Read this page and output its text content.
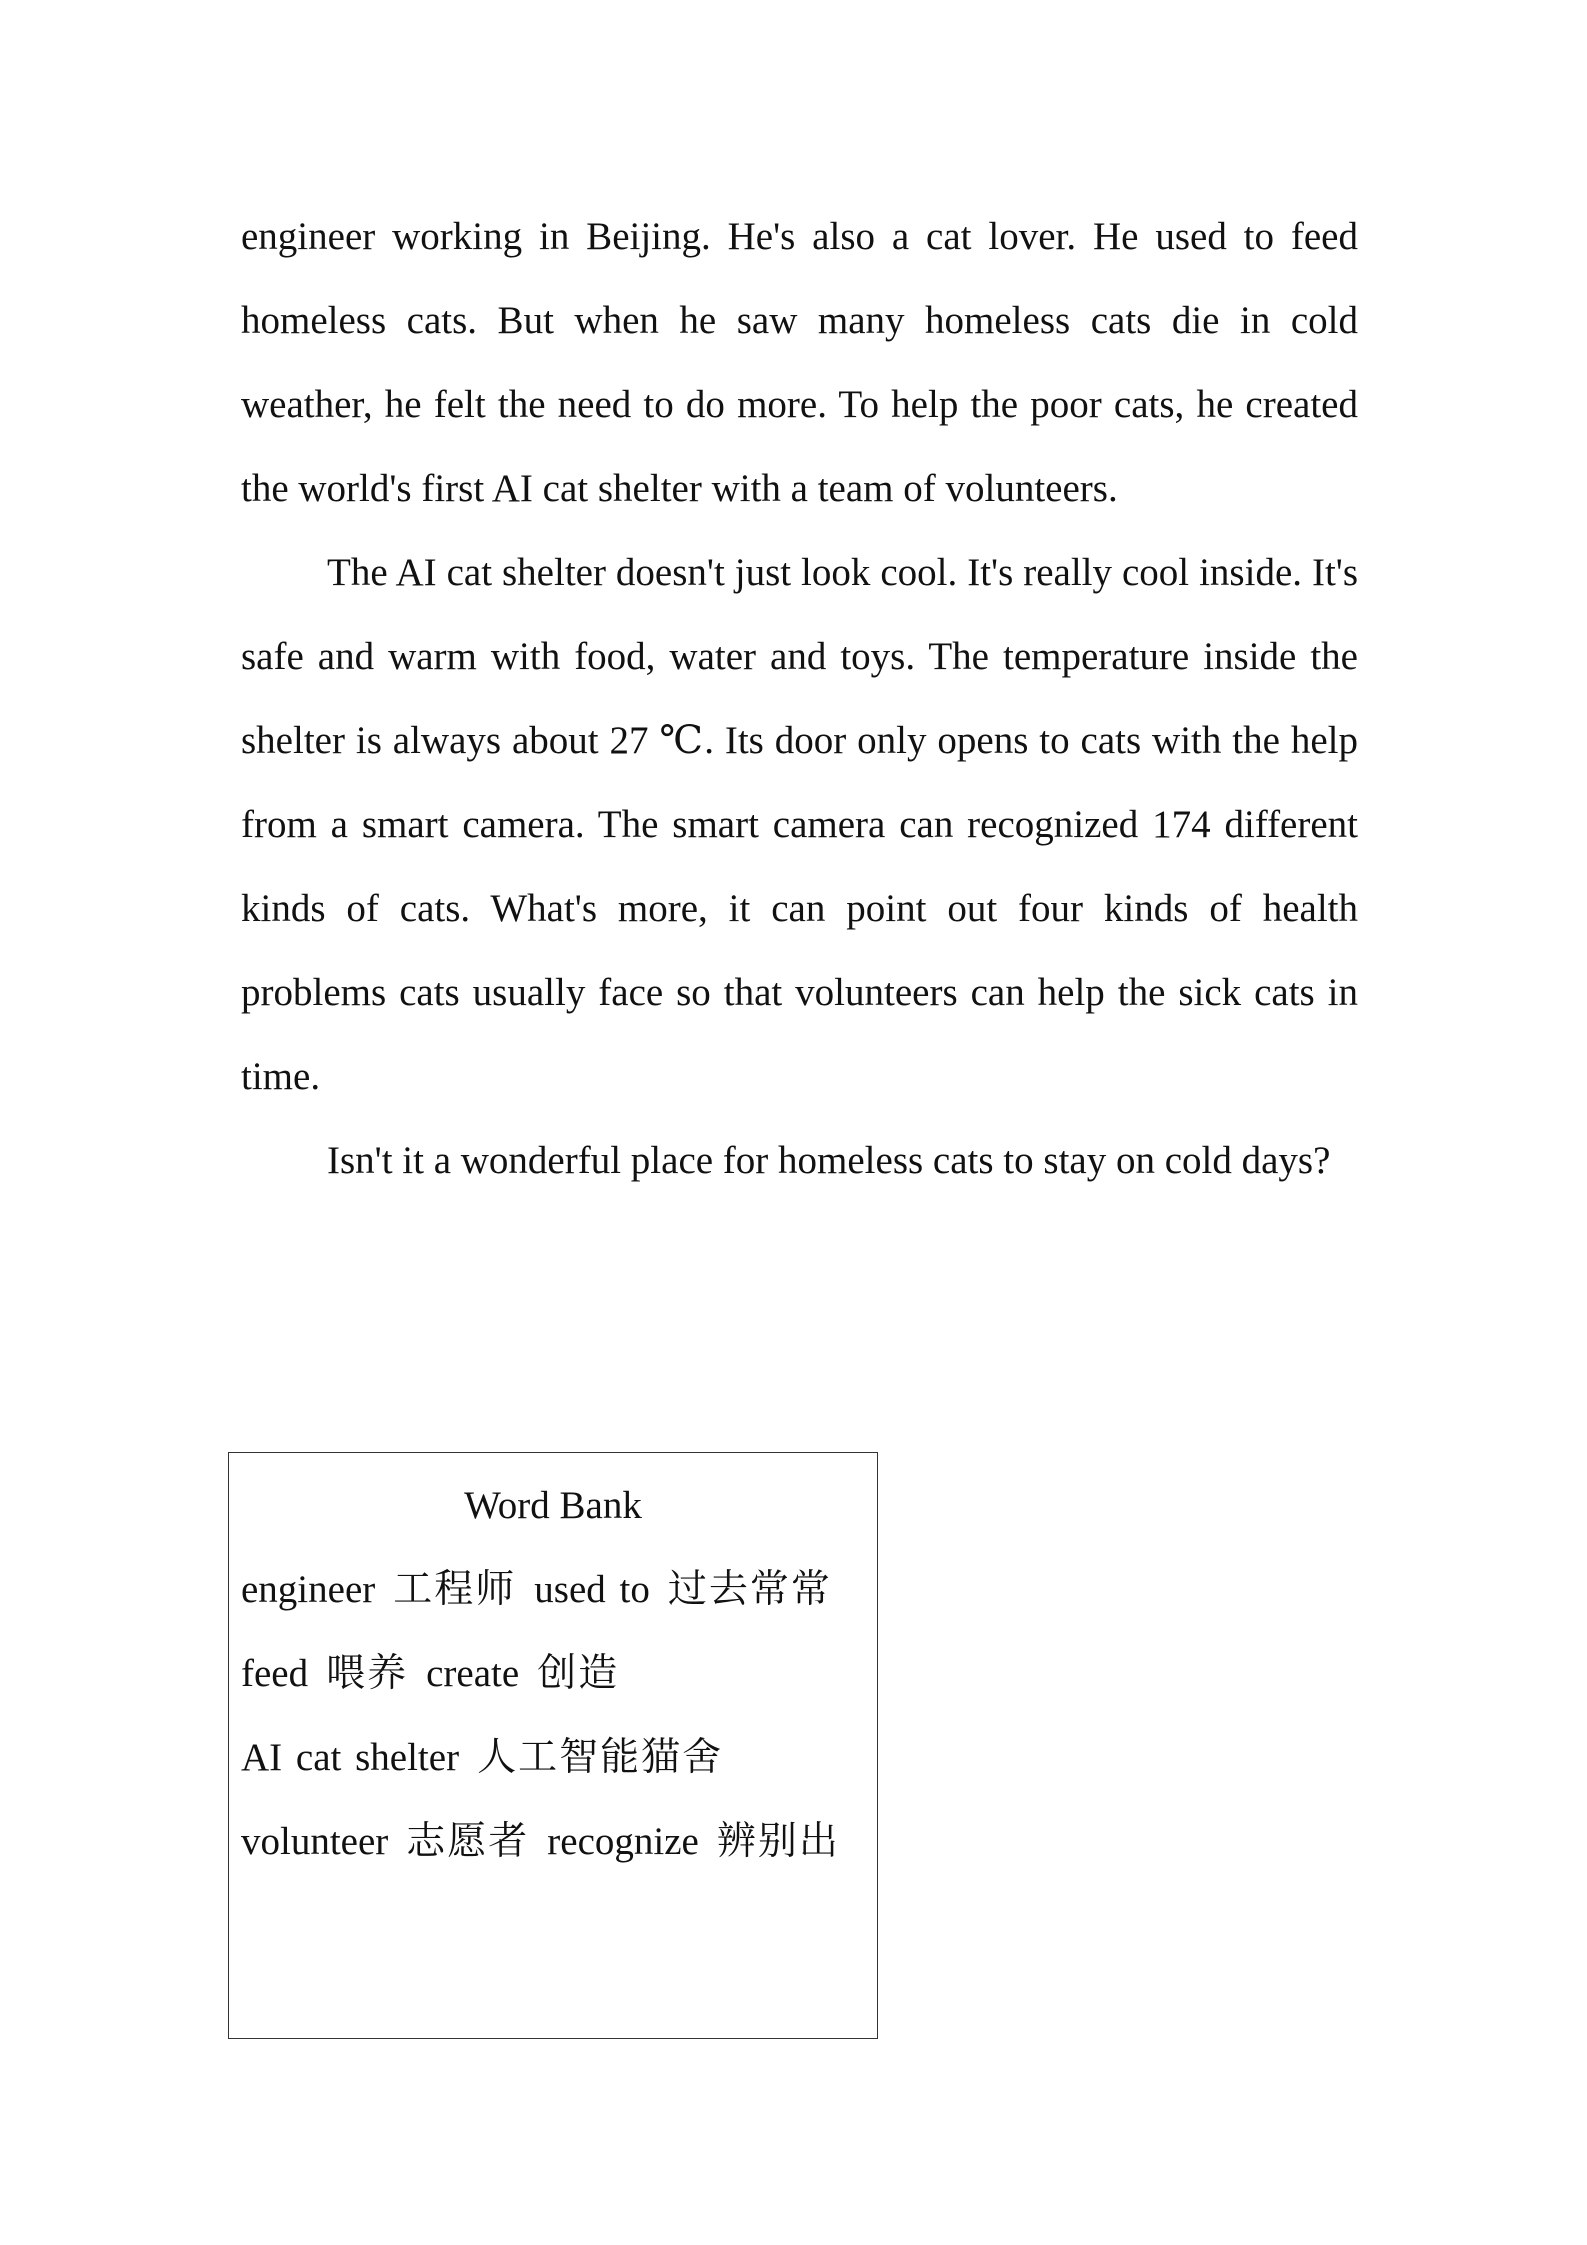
engineer working in Beijing. He's also a cat lover. He used to feed homeless cats. But when he saw many homeless cats die in cold weather, he felt the need to do more. To help the poor cats, he created the world's first AI cat shelter with a team of volunteers.

The AI cat shelter doesn't just look cool. It's really cool inside. It's safe and warm with food, water and toys. The temperature inside the shelter is always about 27 ℃. Its door only opens to cats with the help from a smart camera. The smart camera can recognized 174 different kinds of cats. What's more, it can point out four kinds of health problems cats usually face so that volunteers can help the sick cats in time.

Isn't it a wonderful place for homeless cats to stay on cold days?

Word Bank

engineer 工程师 used to 过去常常

feed 喂养 create 创造

AI cat shelter 人工智能猫舍

volunteer 志愿者 recognize 辨别出
